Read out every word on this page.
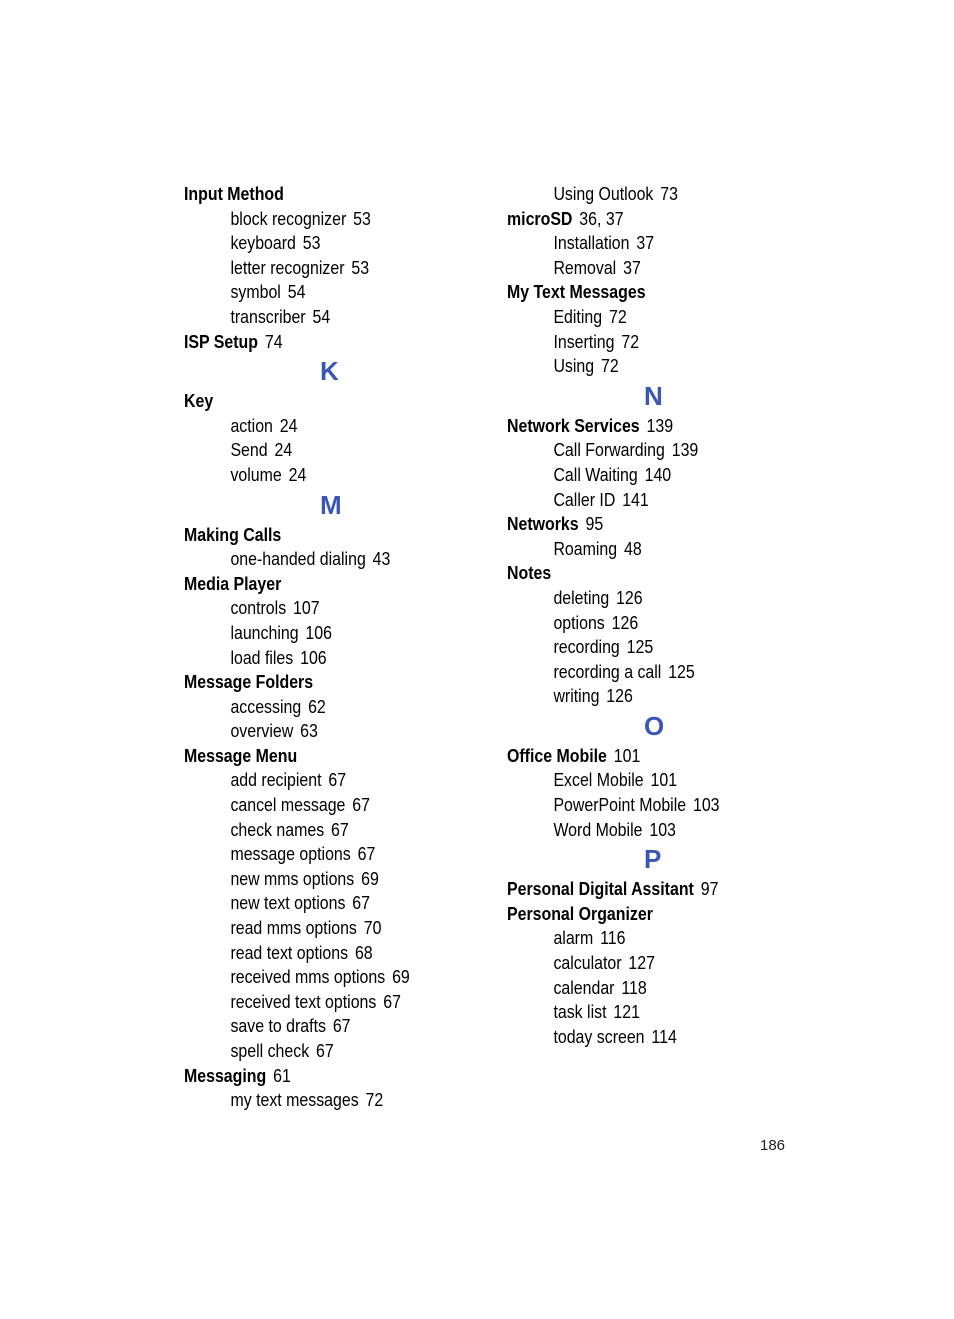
Input Method
block recognizer 53
keyboard 53
letter recognizer 53
symbol 54
transcriber 54
ISP Setup 74
K
Key
action 24
Send 24
volume 24
M
Making Calls
one-handed dialing 43
Media Player
controls 107
launching 106
load files 106
Message Folders
accessing 62
overview 63
Message Menu
add recipient 67
cancel message 67
check names 67
message options 67
new mms options 69
new text options 67
read mms options 70
read text options 68
received mms options 69
received text options 67
save to drafts 67
spell check 67
Messaging 61
my text messages 72
Using Outlook 73
microSD 36, 37
Installation 37
Removal 37
My Text Messages
Editing 72
Inserting 72
Using 72
N
Network Services 139
Call Forwarding 139
Call Waiting 140
Caller ID 141
Networks 95
Roaming 48
Notes
deleting 126
options 126
recording 125
recording a call 125
writing 126
O
Office Mobile 101
Excel Mobile 101
PowerPoint Mobile 103
Word Mobile 103
P
Personal Digital Assitant 97
Personal Organizer
alarm 116
calculator 127
calendar 118
task list 121
today screen 114
186
